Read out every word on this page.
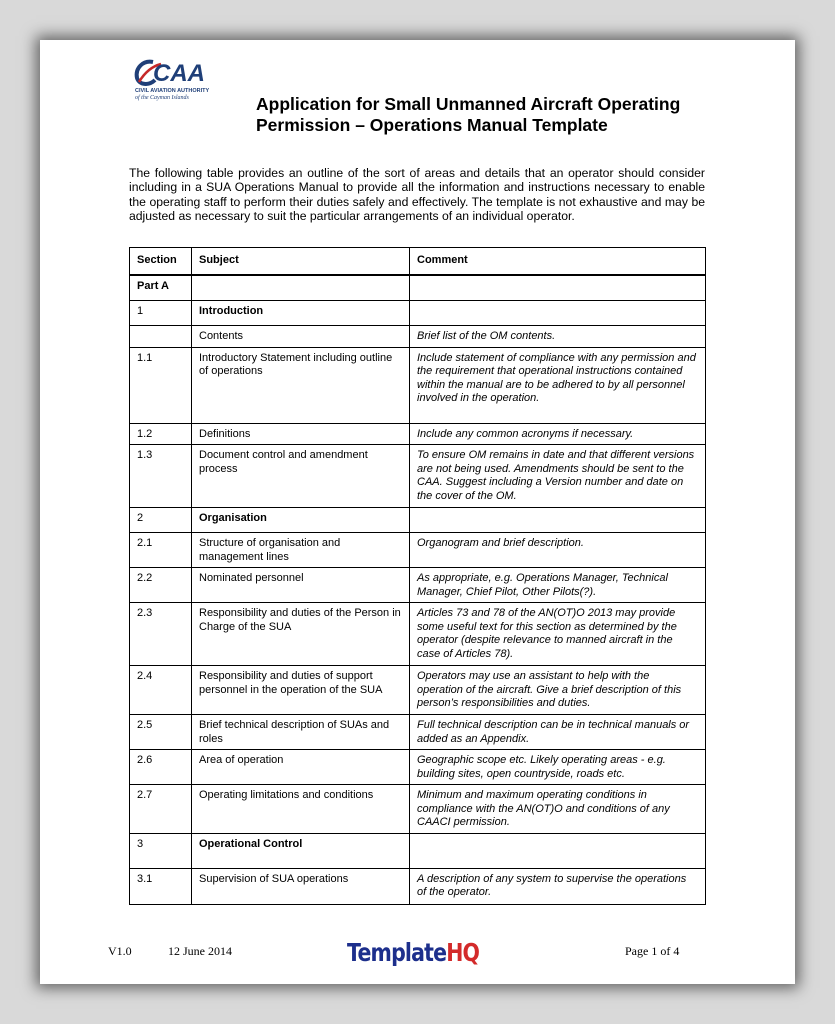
CAA
CIVIL AVIATION AUTHORITY
of the Cayman Islands	Application for Small Unmanned Aircraft Operating Permission – Operations Manual Template
The following table provides an outline of the sort of areas and details that an operator should consider including in a SUA Operations Manual to provide all the information and instructions necessary to enable the operating staff to perform their duties safely and effectively. The template is not exhaustive and may be adjusted as necessary to suit the particular arrangements of an individual operator.
Section	Subject	Comment
Part A		
1	Introduction	
	Contents	Brief list of the OM contents.
1.1	Introductory Statement including outline of operations	Include statement of compliance with any permission and the requirement that operational instructions contained within the manual are to be adhered to by all personnel involved in the operation.
1.2	Definitions	Include any common acronyms if necessary.
1.3	Document control and amendment process	To ensure OM remains in date and that different versions are not being used. Amendments should be sent to the CAA. Suggest including a Version number and date on the cover of the OM.
2	Organisation	
2.1	Structure of organisation and management lines	Organogram and brief description.
2.2	Nominated personnel	As appropriate, e.g. Operations Manager, Technical Manager, Chief Pilot, Other Pilots(?).
2.3	Responsibility and duties of the Person in Charge of the SUA	Articles 73 and 78 of the AN(OT)O 2013 may provide some useful text for this section as determined by the operator (despite relevance to manned aircraft in the case of Articles 78).
2.4	Responsibility and duties of support personnel in the operation of the SUA	Operators may use an assistant to help with the operation of the aircraft. Give a brief description of this person’s responsibilities and duties.
2.5	Brief technical description of SUAs and roles	Full technical description can be in technical manuals or added as an Appendix.
2.6	Area of operation	Geographic scope etc. Likely operating areas - e.g. building sites, open countryside, roads etc.
2.7	Operating limitations and conditions	Minimum and maximum operating conditions in compliance with the AN(OT)O and conditions of any CAACI permission.
3	Operational Control	
3.1	Supervision of SUA operations	A description of any system to supervise the operations of the operator.
V1.0	12 June 2014	Page 1 of 4
TemplateHQ
